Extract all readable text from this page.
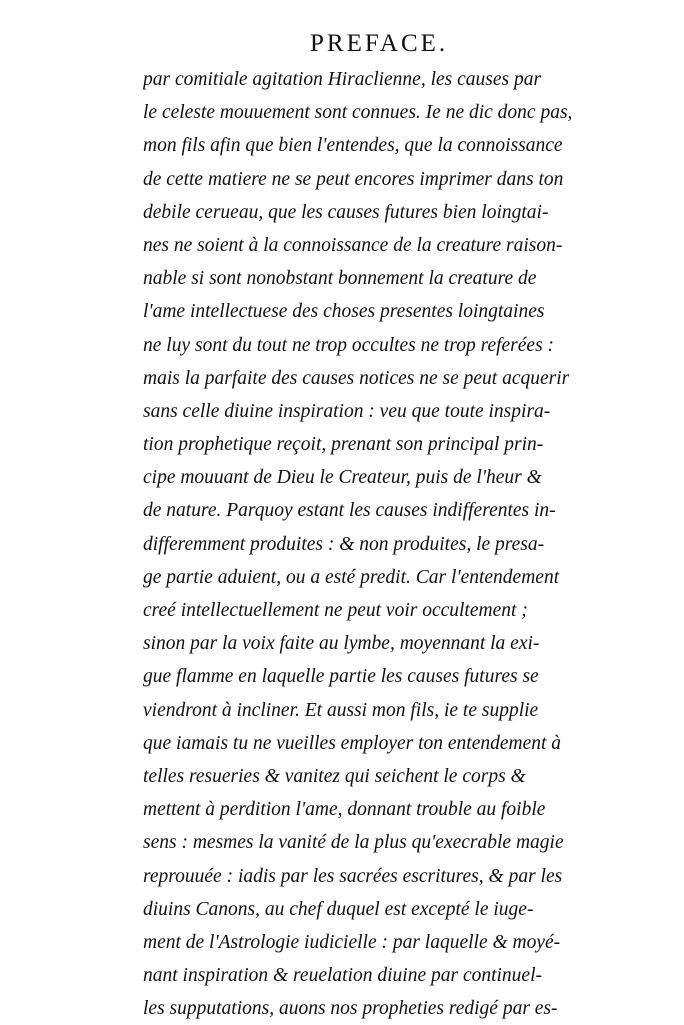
PREFACE.
par comitiale agitation Hiraclienne, les causes par
le celeste mouuement sont connues. Ie ne dic donc pas,
mon fils afin que bien l'entendes, que la connoissance
de cette matiere ne se peut encores imprimer dans ton
debile cerueau, que les causes futures bien loingtai-
nes ne soient à la connoissance de la creature raison-
nable si sont nonobstant bonnement la creature de
l'ame intellectuese des choses presentes loingtaines
ne luy sont du tout ne trop occultes ne trop referées :
mais la parfaite des causes notices ne se peut acquerir
sans celle diuine inspiration : veu que toute inspira-
tion prophetique reçoit, prenant son principal prin-
cipe mouuant de Dieu le Createur, puis de l'heur &
de nature. Parquoy estant les causes indifferentes in-
differemment produites : & non produites, le presa-
ge partie aduient, ou a esté predit. Car l'entendement
creé intellectuellement ne peut voir occultement ;
sinon par la voix faite au lymbe, moyennant la exi-
gue flamme en laquelle partie les causes futures se
viendront à incliner. Et aussi mon fils, ie te supplie
que iamais tu ne vueilles employer ton entendement à
telles resueries & vanitez qui seichent le corps &
mettent à perdition l'ame, donnant trouble au foible
sens : mesmes la vanité de la plus qu'execrable magie
reprouuée : iadis par les sacrées escritures, & par les
diuins Canons, au chef duquel est excepté le iuge-
ment de l'Astrologie iudicielle : par laquelle & moyé-
nant inspiration & reuelation diuine par continuel-
les supputations, auons nos propheties redigé par es-
